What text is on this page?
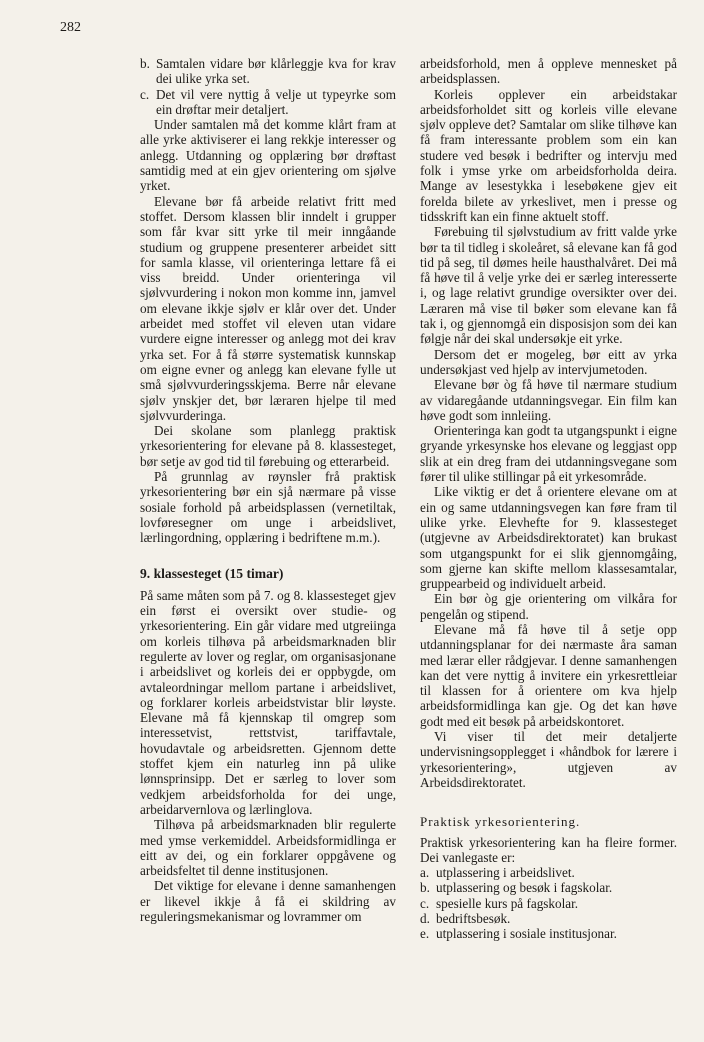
282
b. Samtalen vidare bør klårleggje kva for krav dei ulike yrka set.
c. Det vil vere nyttig å velje ut typeyrke som ein drøftar meir detaljert.

Under samtalen må det komme klårt fram at alle yrke aktiviserer ei lang rekkje interesser og anlegg. Utdanning og opplæring bør drøftast samtidig med at ein gjev orientering om sjølve yrket.

Elevane bør få arbeide relativt fritt med stoffet. Dersom klassen blir inndelt i grupper som får kvar sitt yrke til meir inngåande studium og gruppene presenterer arbeidet sitt for samla klasse, vil orienteringa lettare få ei viss breidd. Under orienteringa vil sjølvvurdering i nokon mon komme inn, jamvel om elevane ikkje sjølv er klår over det. Under arbeidet med stoffet vil eleven utan vidare vurdere eigne interesser og anlegg mot dei krav yrka set. For å få større systematisk kunnskap om eigne evner og anlegg kan elevane fylle ut små sjølvvurderingsskjema. Berre når elevane sjølv ynskjer det, bør læraren hjelpe til med sjølvvurderinga.

Dei skolane som planlegg praktisk yrkesorientering for elevane på 8. klassesteget, bør setje av god tid til førebuing og etterarbeid.

På grunnlag av røynsler frå praktisk yrkesorientering bør ein sjå nærmare på visse sosiale forhold på arbeidsplassen (vernetiltak, lovføresegner om unge i arbeidslivet, lærlingordning, opplæring i bedriftene m.m.).

9. klassesteget (15 timar)

På same måten som på 7. og 8. klassesteget gjev ein først ei oversikt over studie- og yrkesorientering. Ein går vidare med utgreiinga om korleis tilhøva på arbeidsmarknaden blir regulerte av lover og reglar, om organisasjonane i arbeidslivet og korleis dei er oppbygde, om avtaleordningar mellom partane i arbeidslivet, og forklarer korleis arbeidstvistar blir løyste. Elevane må få kjennskap til omgrep som interessetvist, rettstvist, tariffavtale, hovudavtale og arbeidsretten. Gjennom dette stoffet kjem ein naturleg inn på ulike lønnsprinsipp. Det er særleg to lover som vedkjem arbeidsforholda for dei unge, arbeidarvernlova og lærlinglova.

Tilhøva på arbeidsmarknaden blir regulerte med ymse verkemiddel. Arbeidsformidlinga er eitt av dei, og ein forklarer oppgåvene og arbeidsfeltet til denne institusjonen.

Det viktige for elevane i denne samanhengen er likevel ikkje å få ei skildring av reguleringsmekanismar og lovrammer om

arbeidsforhold, men å oppleve mennesket på arbeidsplassen.

Korleis opplever ein arbeidstakar arbeidsforholdet sitt og korleis ville elevane sjølv oppleve det? Samtalar om slike tilhøve kan få fram interessante problem som ein kan studere ved besøk i bedrifter og intervju med folk i ymse yrke om arbeidsforholda deira. Mange av lesestykka i lesebøkene gjev eit forelda bilete av yrkeslivet, men i presse og tidsskrift kan ein finne aktuelt stoff.

Førebuing til sjølvstudium av fritt valde yrke bør ta til tidleg i skoleåret, så elevane kan få god tid på seg, til dømes heile hausthalvåret. Dei må få høve til å velje yrke dei er særleg interesserte i, og lage relativt grundige oversikter over dei. Læraren må vise til bøker som elevane kan få tak i, og gjennomgå ein disposisjon som dei kan følgje når dei skal undersøkje eit yrke.

Dersom det er mogeleg, bør eitt av yrka undersøkjast ved hjelp av intervjumetoden.

Elevane bør òg få høve til nærmare studium av vidaregåande utdanningsvegar. Ein film kan høve godt som innleiing.

Orienteringa kan godt ta utgangspunkt i eigne gryande yrkesynske hos elevane og leggjast opp slik at ein dreg fram dei utdanningsvegane som fører til ulike stillingar på eit yrkesområde.

Like viktig er det å orientere elevane om at ein og same utdanningsvegen kan føre fram til ulike yrke. Elevhefte for 9. klassesteget (utgjevne av Arbeidsdirektoratet) kan brukast som utgangspunkt for ei slik gjennomgåing, som gjerne kan skifte mellom klassesamtalar, gruppearbeid og individuelt arbeid.

Ein bør òg gje orientering om vilkåra for pengelån og stipend.

Elevane må få høve til å setje opp utdanningsplanar for dei nærmaste åra saman med lærar eller rådgjevar. I denne samanhengen kan det vere nyttig å invitere ein yrkesrettleiar til klassen for å orientere om kva hjelp arbeidsformidlinga kan gje. Og det kan høve godt med eit besøk på arbeidskontoret.

Vi viser til det meir detaljerte undervisningsopplegget i «håndbok for lærere i yrkesorientering», utgjeven av Arbeidsdirektoratet.

Praktisk yrkesorientering.

Praktisk yrkesorientering kan ha fleire former. Dei vanlegaste er:

a. utplassering i arbeidslivet.
b. utplassering og besøk i fagskolar.
c. spesielle kurs på fagskolar.
d. bedriftsbesøk.
e. utplassering i sosiale institusjonar.
